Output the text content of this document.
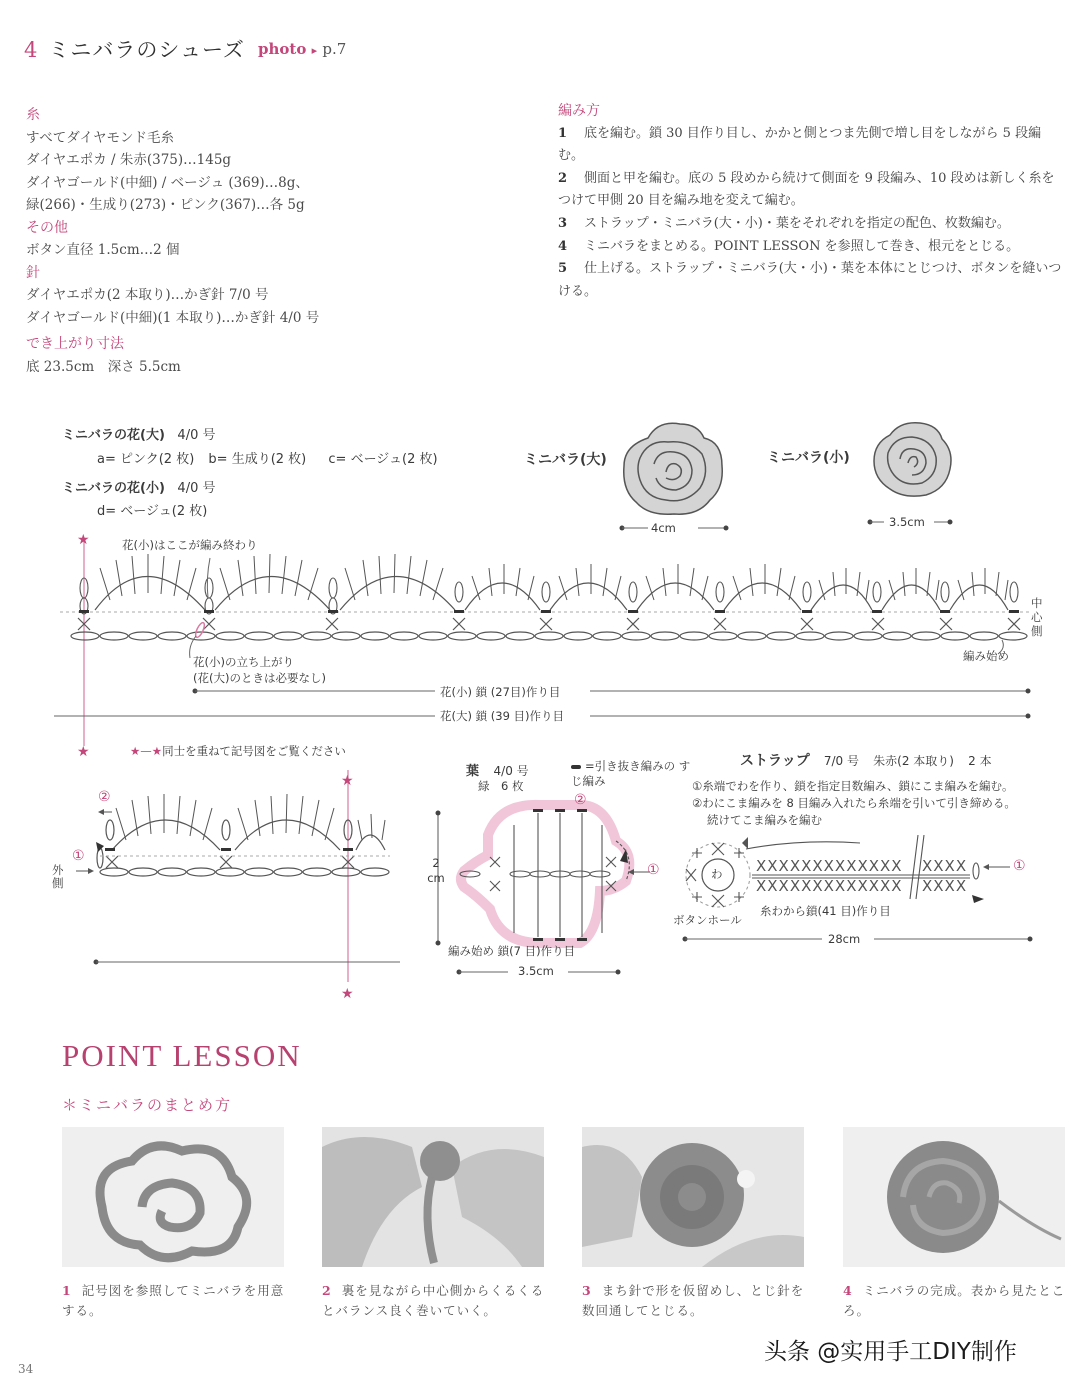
4 ミニバラのシューズ photo ▸ p.7
糸
すべてダイヤモンド毛糸
ダイヤエポカ / 朱赤(375)…145g
ダイヤゴールド(中細) / ベージュ (369)…8g、
緑(266)・生成り(273)・ピンク(367)…各 5g
その他
ボタン直径 1.5cm…2 個
針
ダイヤエポカ(2 本取り)…かぎ針 7/0 号
ダイヤゴールド(中細)(1 本取り)…かぎ針 4/0 号
でき上がり寸法
底 23.5cm　深さ 5.5cm
編み方
1 底を編む。鎖 30 目作り目し、かかと側とつま先側で増し目をしながら 5 段編む。
2 側面と甲を編む。底の 5 段めから続けて側面を 9 段編み、10 段めは新しく糸をつけて甲側 20 目を編み地を変えて編む。
3 ストラップ・ミニバラ(大・小)・葉をそれぞれを指定の配色、枚数編む。
4 ミニバラをまとめる。POINT LESSON を参照して巻き、根元をとじる。
5 仕上げる。ストラップ・ミニバラ(大・小)・葉を本体にとじつけ、ボタンを縫いつける。
ミニバラの花(大) 4/0 号
a= ピンク(2 枚) b= 生成り(2 枚) c= ベージュ(2 枚)
ミニバラの花(小) 4/0 号
d= ベージュ(2 枚)
ミニバラ(大)	ミニバラ(小)
4cm	3.5cm
★
★
花(小)はここが編み終わり
花(小)の立ち上がり
(花(大)のときは必要なし)
中心側
編み始め
花(小) 鎖 (27目)作り目
花(大) 鎖 (39 目)作り目
★—★同士を重ねて記号図をご覧ください
★
★
②
①
外側
葉 4/0 号
緑　6 枚
=引き抜き編みの すじ編み
②
①
2 cm
編み始め 鎖(7 目)作り目
3.5cm
ストラップ 7/0 号 朱赤(2 本取り) 2 本
①糸端でわを作り、鎖を指定目数編み、鎖にこま編みを編む。
②わにこま編みを 8 目編み入れたら糸端を引いて引き締める。
続けてこま編みを編む
XXXXXXXXXXXXX
XXXXXXXXXXXXX
XXXX
XXXX
わ	①
ボタンホール
糸わから鎖(41 目)作り目
28cm
POINT LESSON
＊ミニバラのまとめ方
1 記号図を参照してミニバラを用意する。
2 裏を見ながら中心側からくるくるとバランス良く巻いていく。
3 まち針で形を仮留めし、とじ針を数回通してとじる。
4 ミニバラの完成。表から見たところ。
34
头条 @实用手工DIY制作
